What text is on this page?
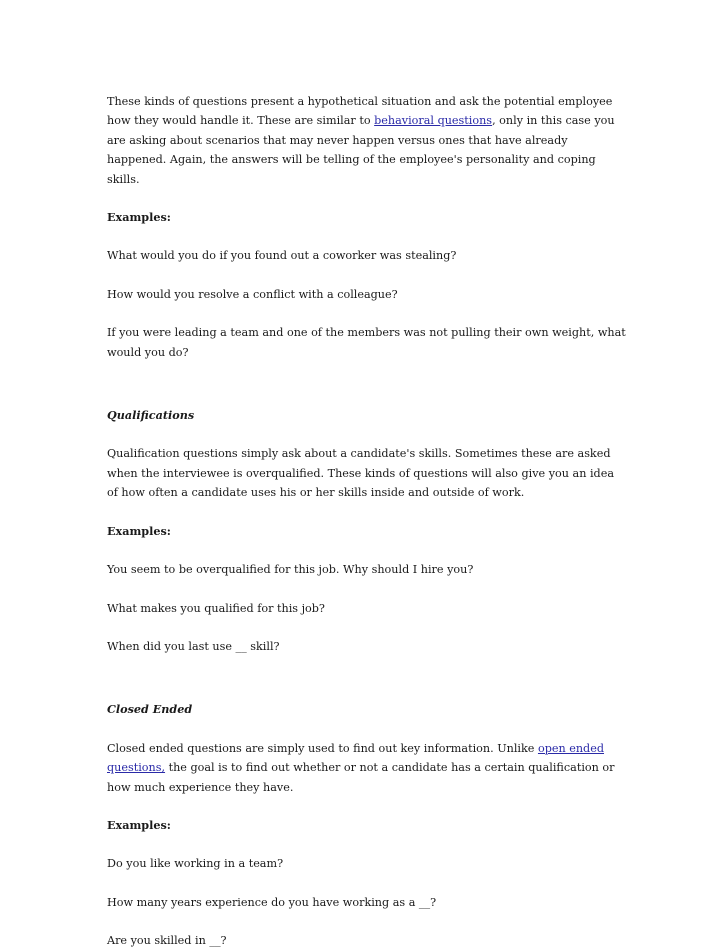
These kinds of questions present a hypothetical situation and ask the potential employee how they would handle it. These are similar to behavioral questions, only in this case you are asking about scenarios that may never happen versus ones that have already happened. Again, the answers will be telling of the employee's personality and coping skills.

Examples:

What would you do if you found out a coworker was stealing?

How would you resolve a conflict with a colleague?

If you were leading a team and one of the members was not pulling their own weight, what would you do?

Qualifications

Qualification questions simply ask about a candidate's skills. Sometimes these are asked when the interviewee is overqualified. These kinds of questions will also give you an idea of how often a candidate uses his or her skills inside and outside of work.

Examples:

You seem to be overqualified for this job. Why should I hire you?

What makes you qualified for this job?

When did you last use __ skill?

Closed Ended

Closed ended questions are simply used to find out key information. Unlike open ended questions, the goal is to find out whether or not a candidate has a certain qualification or how much experience they have.

Examples:

Do you like working in a team?

How many years experience do you have working as a __?

Are you skilled in __?
